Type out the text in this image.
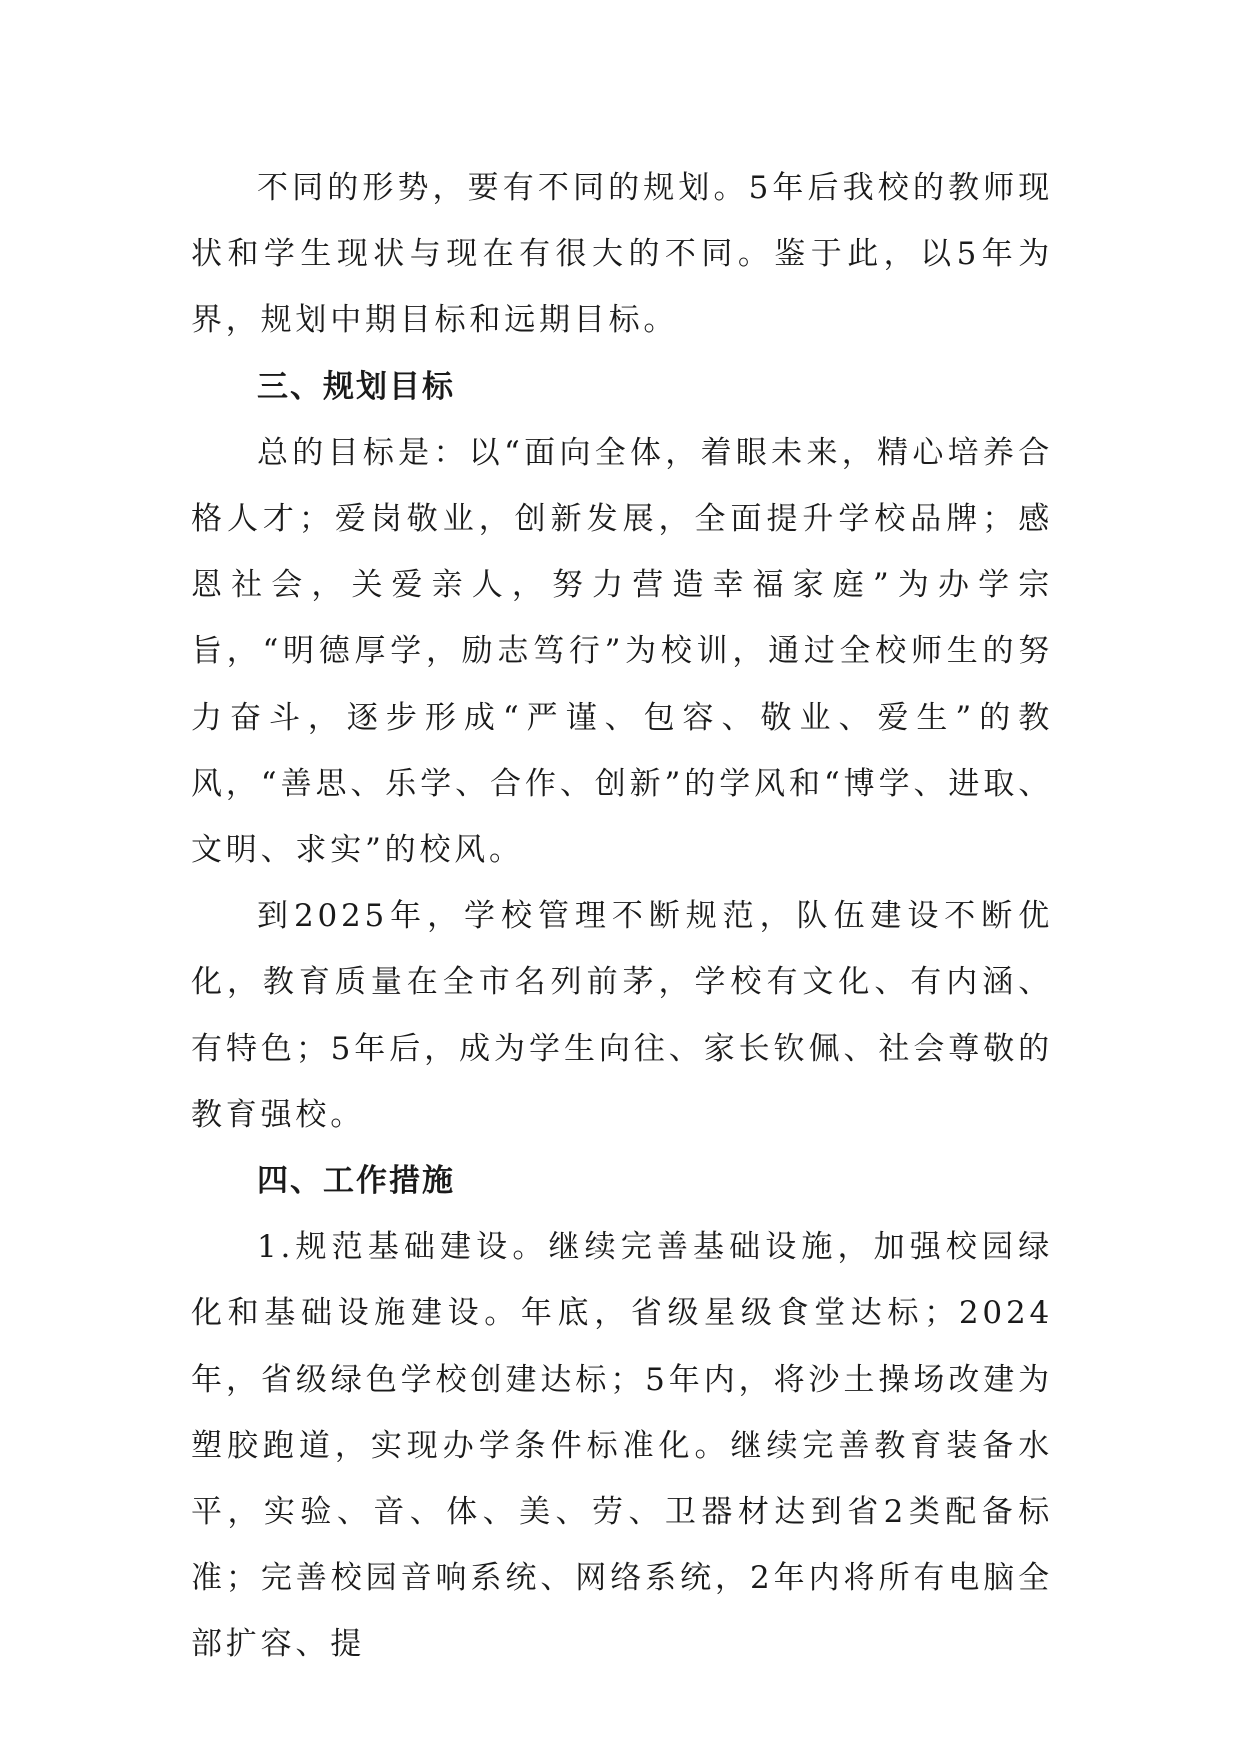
不同的形势，要有不同的规划。5年后我校的教师现状和学生现状与现在有很大的不同。鉴于此，以5年为界，规划中期目标和远期目标。

三、规划目标

总的目标是：以“面向全体，着眼未来，精心培养合格人才；爱岗敬业，创新发展，全面提升学校品牌；感恩社会，关爱亲人，努力营造幸福家庭”为办学宗旨，“明德厚学，励志笃行”为校训，通过全校师生的努力奋斗，逐步形成“严谨、包容、敬业、爱生”的教风，“善思、乐学、合作、创新”的学风和“博学、进取、文明、求实”的校风。

到2025年，学校管理不断规范，队伍建设不断优化，教育质量在全市名列前茅，学校有文化、有内涵、有特色；5年后，成为学生向往、家长钦佩、社会尊敬的教育强校。

四、工作措施

1.规范基础建设。继续完善基础设施，加强校园绿化和基础设施建设。年底，省级星级食堂达标；2024年，省级绿色学校创建达标；5年内，将沙土操场改建为塑胶跑道，实现办学条件标准化。继续完善教育装备水平，实验、音、体、美、劳、卫器材达到省2类配备标准；完善校园音响系统、网络系统，2年内将所有电脑全部扩容、提
